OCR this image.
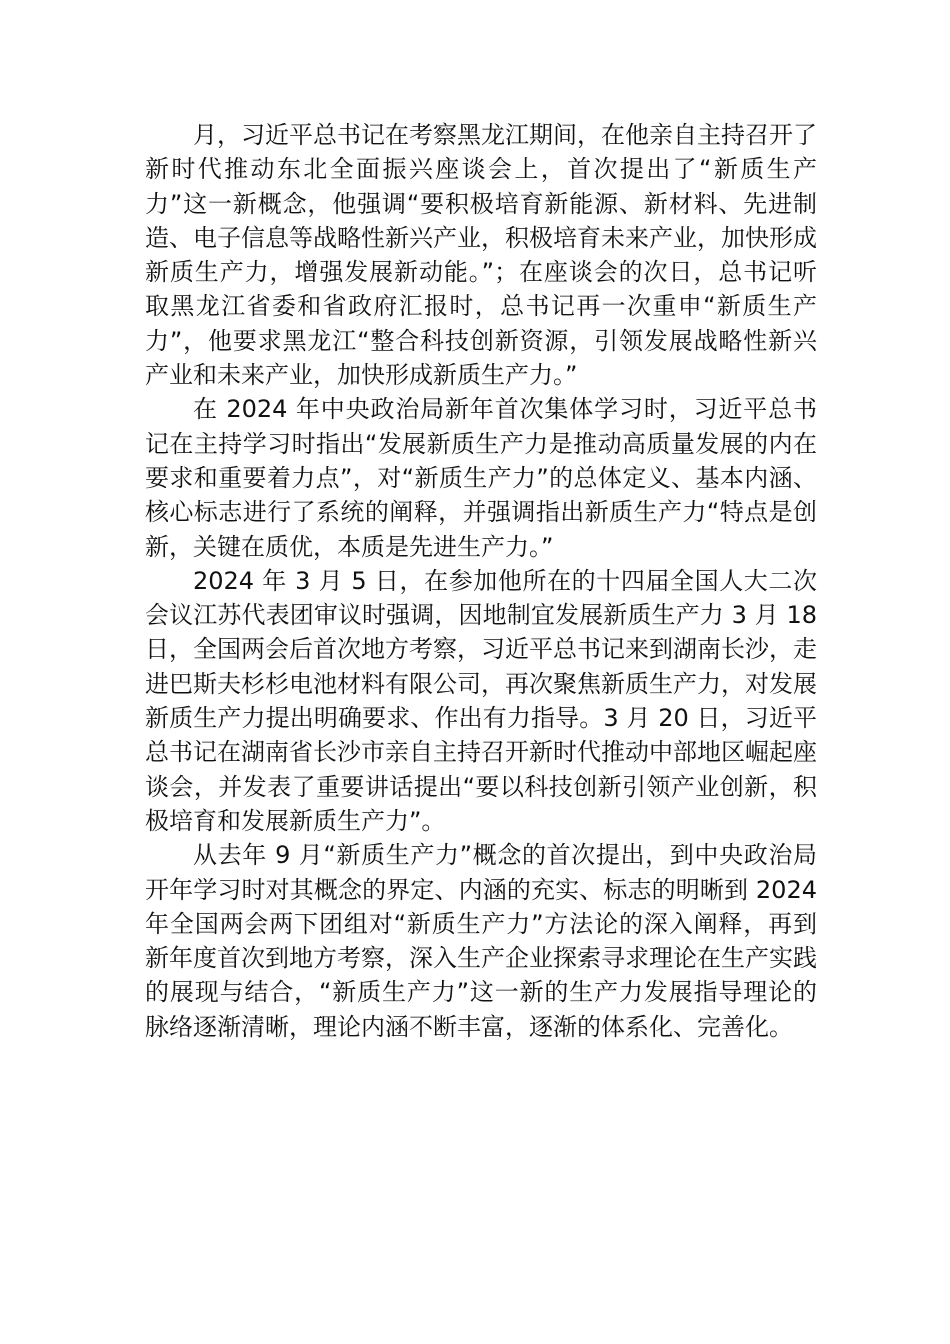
月，习近平总书记在考察黑龙江期间，在他亲自主持召开了新时代推动东北全面振兴座谈会上，首次提出了“新质生产力”这一新概念，他强调“要积极培育新能源、新材料、先进制造、电子信息等战略性新兴产业，积极培育未来产业，加快形成新质生产力，增强发展新动能。”；在座谈会的次日，总书记听取黑龙江省委和省政府汇报时，总书记再一次重申“新质生产力”，他要求黑龙江“整合科技创新资源，引领发展战略性新兴产业和未来产业，加快形成新质生产力。”

在 2024 年中央政治局新年首次集体学习时，习近平总书记在主持学习时指出“发展新质生产力是推动高质量发展的内在要求和重要着力点”，对“新质生产力”的总体定义、基本内涵、核心标志进行了系统的阐释，并强调指出新质生产力“特点是创新，关键在质优，本质是先进生产力。”

2024 年 3 月 5 日，在参加他所在的十四届全国人大二次会议江苏代表团审议时强调，因地制宜发展新质生产力 3 月 18 日，全国两会后首次地方考察，习近平总书记来到湖南长沙，走进巴斯夫杉杉电池材料有限公司，再次聚焦新质生产力，对发展新质生产力提出明确要求、作出有力指导。3 月 20 日，习近平总书记在湖南省长沙市亲自主持召开新时代推动中部地区崛起座谈会，并发表了重要讲话提出“要以科技创新引领产业创新，积极培育和发展新质生产力”。

从去年 9 月“新质生产力”概念的首次提出，到中央政治局开年学习时对其概念的界定、内涵的充实、标志的明晰到 2024 年全国两会两下团组对“新质生产力”方法论的深入阐释，再到新年度首次到地方考察，深入生产企业探索寻求理论在生产实践的展现与结合，“新质生产力”这一新的生产力发展指导理论的脉络逐渐清晰，理论内涵不断丰富，逐渐的体系化、完善化。
